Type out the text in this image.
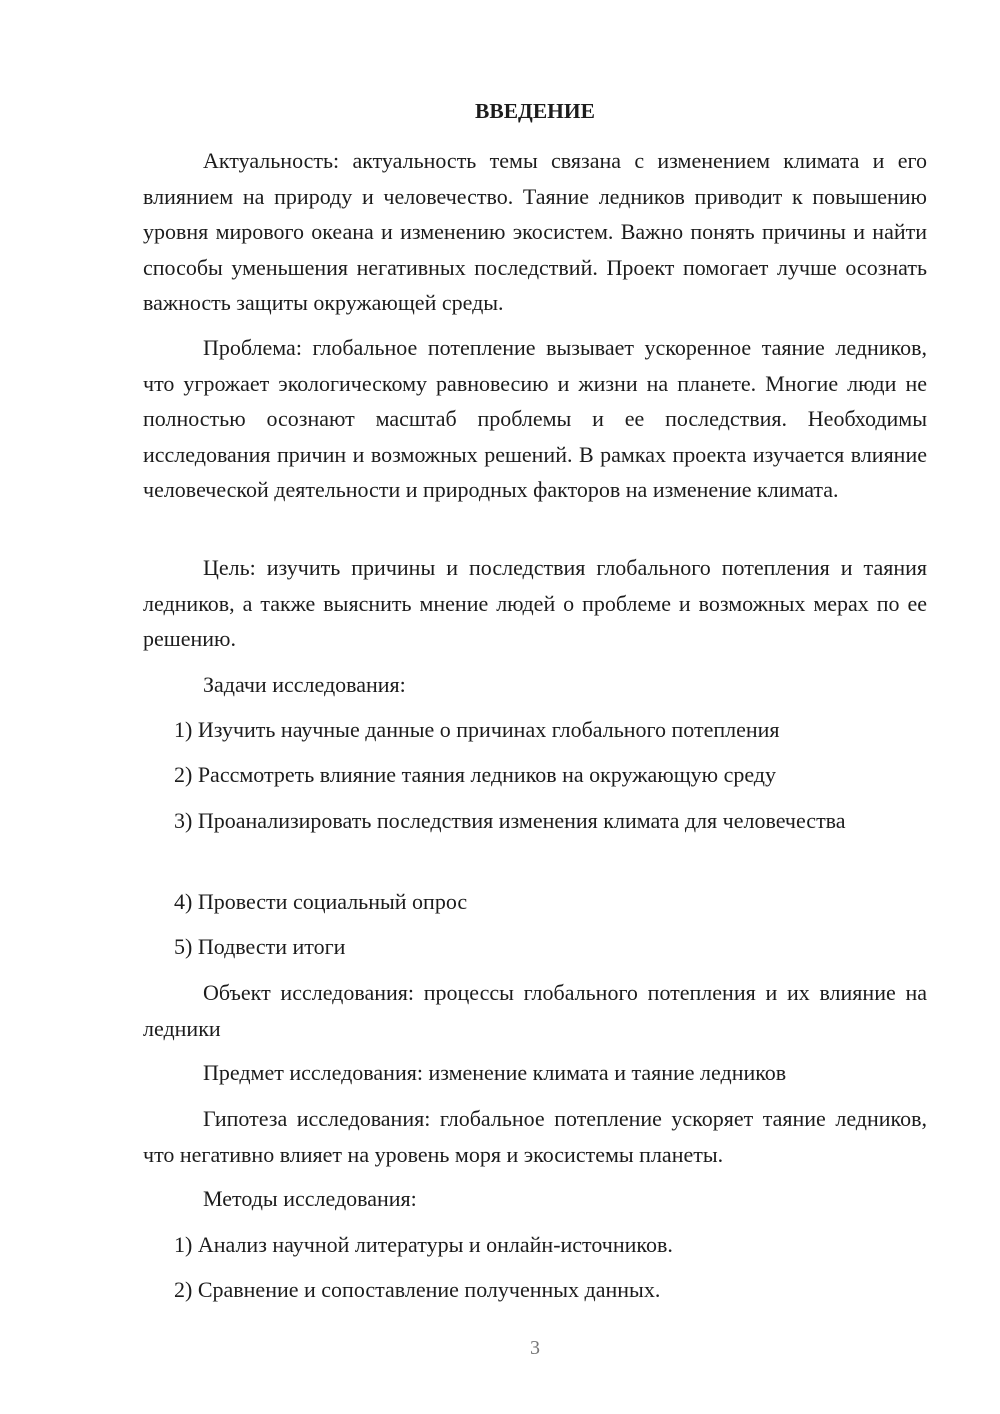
ВВЕДЕНИЕ

Актуальность: актуальность темы связана с изменением климата и его влиянием на природу и человечество. Таяние ледников приводит к повышению уровня мирового океана и изменению экосистем. Важно понять причины и найти способы уменьшения негативных последствий. Проект помогает лучше осознать важность защиты окружающей среды.

Проблема: глобальное потепление вызывает ускоренное таяние ледников, что угрожает экологическому равновесию и жизни на планете. Многие люди не полностью осознают масштаб проблемы и ее последствия. Необходимы исследования причин и возможных решений. В рамках проекта изучается влияние человеческой деятельности и природных факторов на изменение климата.

Цель: изучить причины и последствия глобального потепления и таяния ледников, а также выяснить мнение людей о проблеме и возможных мерах по ее решению.

Задачи исследования:

1) Изучить научные данные о причинах глобального потепления

2) Рассмотреть влияние таяния ледников на окружающую среду

3) Проанализировать последствия изменения климата для человечества

4) Провести социальный опрос

5) Подвести итоги

Объект исследования: процессы глобального потепления и их влияние на ледники

Предмет исследования: изменение климата и таяние ледников

Гипотеза исследования: глобальное потепление ускоряет таяние ледников, что негативно влияет на уровень моря и экосистемы планеты.

Методы исследования:

1) Анализ научной литературы и онлайн-источников.

2) Сравнение и сопоставление полученных данных.

3
